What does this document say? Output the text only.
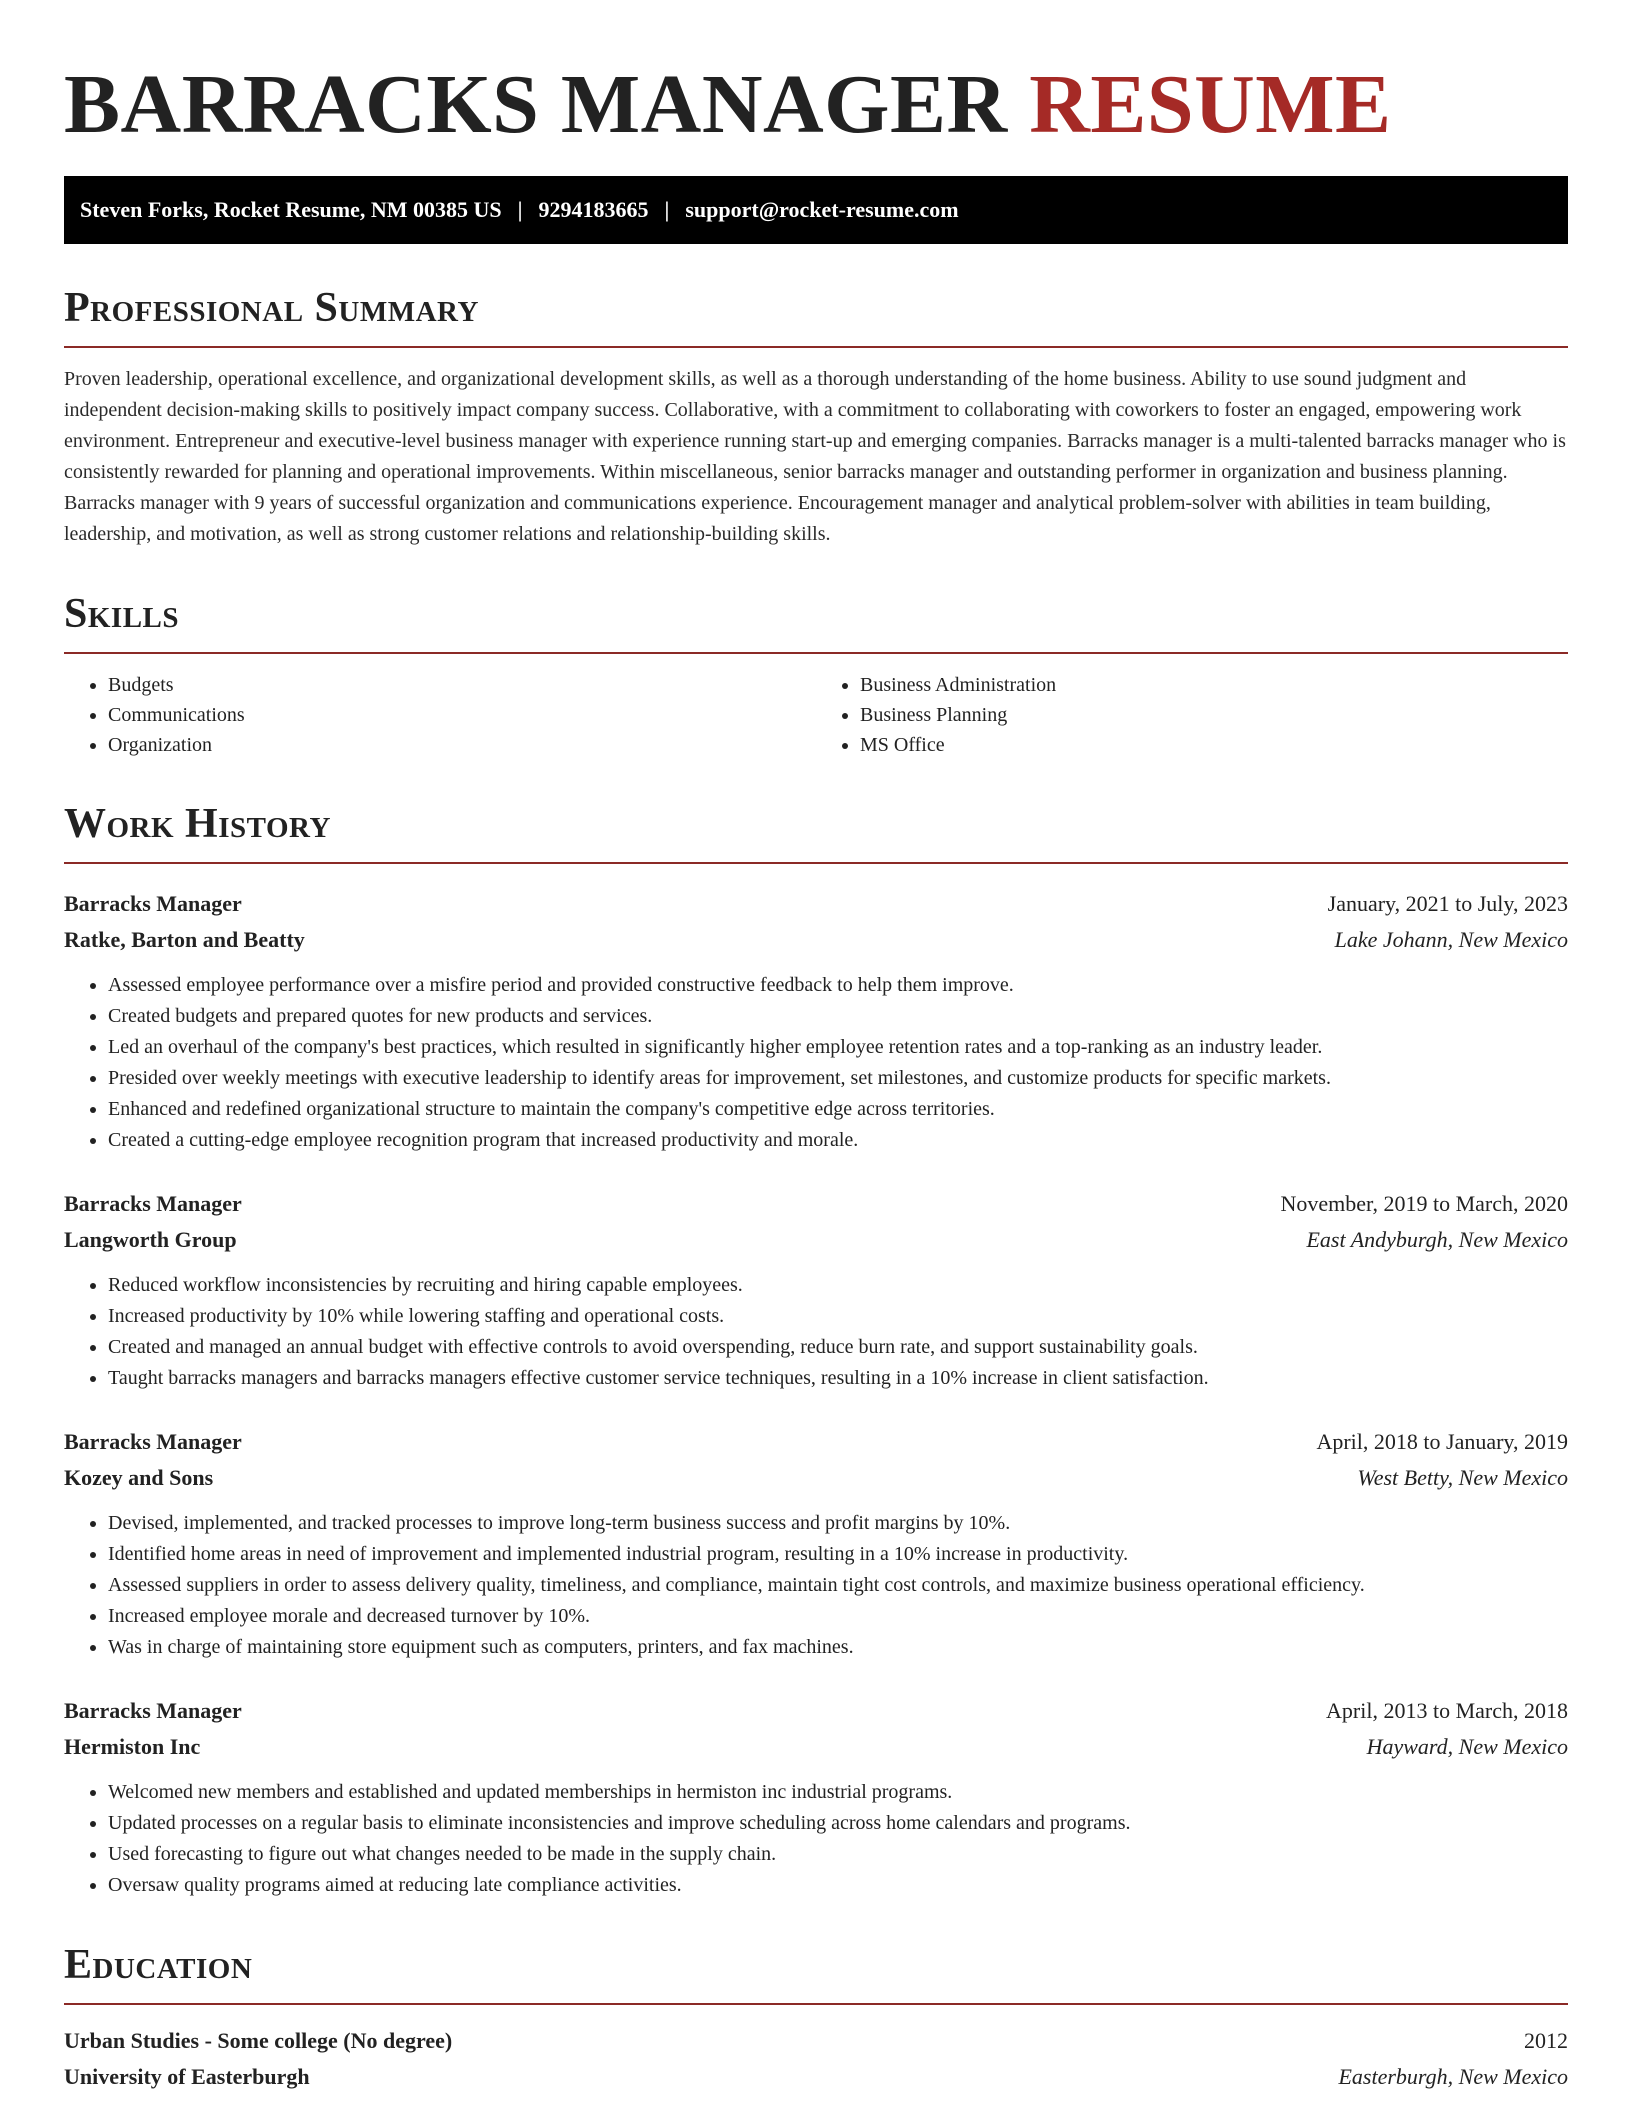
BARRACKS MANAGER RESUME
Steven Forks, Rocket Resume, NM 00385 US | 9294183665 | support@rocket-resume.com
Professional Summary

Proven leadership, operational excellence, and organizational development skills, as well as a thorough understanding of the home business. Ability to use sound judgment and independent decision-making skills to positively impact company success. Collaborative, with a commitment to collaborating with coworkers to foster an engaged, empowering work environment. Entrepreneur and executive-level business manager with experience running start-up and emerging companies. Barracks manager is a multi-talented barracks manager who is consistently rewarded for planning and operational improvements. Within miscellaneous, senior barracks manager and outstanding performer in organization and business planning. Barracks manager with 9 years of successful organization and communications experience. Encouragement manager and analytical problem-solver with abilities in team building, leadership, and motivation, as well as strong customer relations and relationship-building skills.

Skills
• Budgets
• Communications
• Organization
• Business Administration
• Business Planning
• MS Office
Work History
Barracks Manager	January, 2021 to July, 2023
Ratke, Barton and Beatty	Lake Johann, New Mexico
• Assessed employee performance over a misfire period and provided constructive feedback to help them improve.
• Created budgets and prepared quotes for new products and services.
• Led an overhaul of the company's best practices, which resulted in significantly higher employee retention rates and a top-ranking as an industry leader.
• Presided over weekly meetings with executive leadership to identify areas for improvement, set milestones, and customize products for specific markets.
• Enhanced and redefined organizational structure to maintain the company's competitive edge across territories.
• Created a cutting-edge employee recognition program that increased productivity and morale.
Barracks Manager	November, 2019 to March, 2020
Langworth Group	East Andyburgh, New Mexico
• Reduced workflow inconsistencies by recruiting and hiring capable employees.
• Increased productivity by 10% while lowering staffing and operational costs.
• Created and managed an annual budget with effective controls to avoid overspending, reduce burn rate, and support sustainability goals.
• Taught barracks managers and barracks managers effective customer service techniques, resulting in a 10% increase in client satisfaction.
Barracks Manager	April, 2018 to January, 2019
Kozey and Sons	West Betty, New Mexico
• Devised, implemented, and tracked processes to improve long-term business success and profit margins by 10%.
• Identified home areas in need of improvement and implemented industrial program, resulting in a 10% increase in productivity.
• Assessed suppliers in order to assess delivery quality, timeliness, and compliance, maintain tight cost controls, and maximize business operational efficiency.
• Increased employee morale and decreased turnover by 10%.
• Was in charge of maintaining store equipment such as computers, printers, and fax machines.
Barracks Manager	April, 2013 to March, 2018
Hermiston Inc	Hayward, New Mexico
• Welcomed new members and established and updated memberships in hermiston inc industrial programs.
• Updated processes on a regular basis to eliminate inconsistencies and improve scheduling across home calendars and programs.
• Used forecasting to figure out what changes needed to be made in the supply chain.
• Oversaw quality programs aimed at reducing late compliance activities.
Education
Urban Studies - Some college (No degree)	2012
University of Easterburgh	Easterburgh, New Mexico
